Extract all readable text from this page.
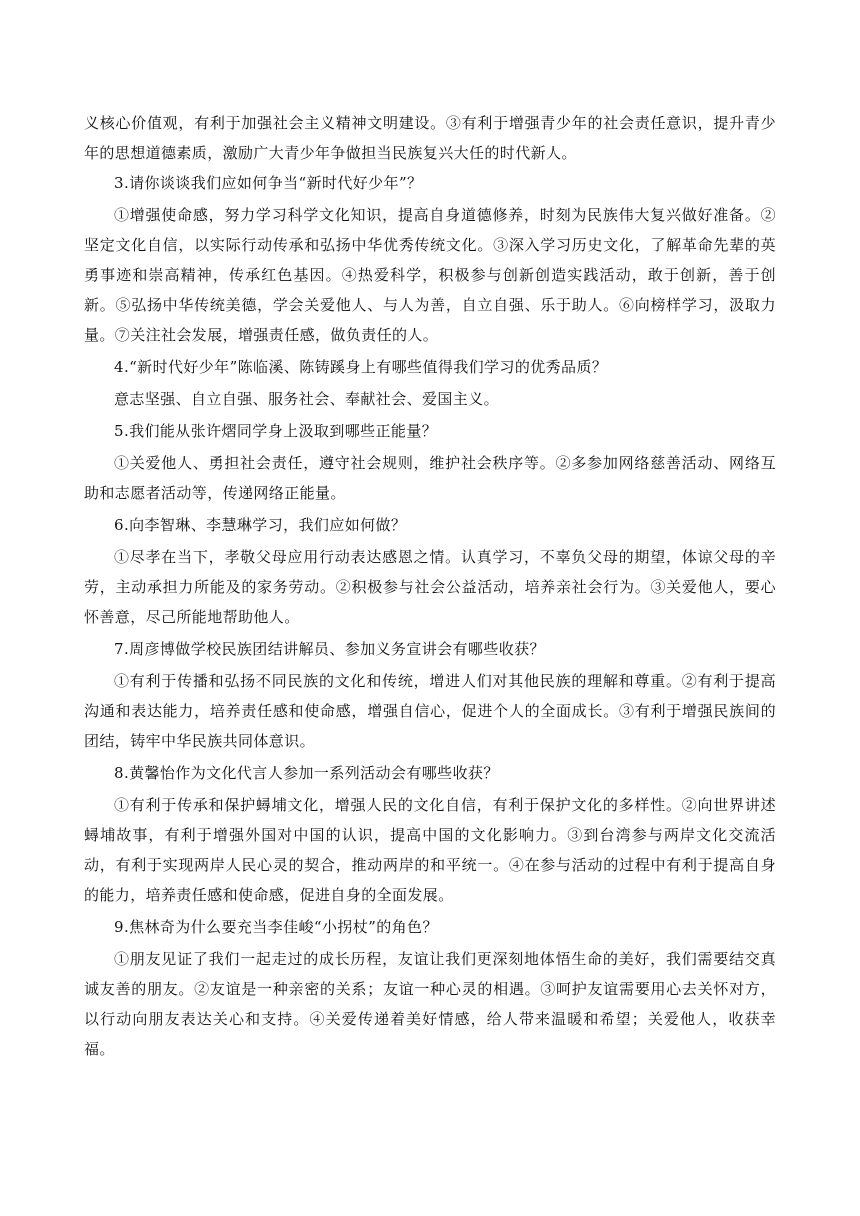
义核心价值观，有利于加强社会主义精神文明建设。③有利于增强青少年的社会责任意识，提升青少年的思想道德素质，激励广大青少年争做担当民族复兴大任的时代新人。

3.请你谈谈我们应如何争当“新时代好少年”？

①增强使命感，努力学习科学文化知识，提高自身道德修养，时刻为民族伟大复兴做好准备。②坚定文化自信，以实际行动传承和弘扬中华优秀传统文化。③深入学习历史文化，了解革命先辈的英勇事迹和崇高精神，传承红色基因。④热爱科学，积极参与创新创造实践活动，敢于创新，善于创新。⑤弘扬中华传统美德，学会关爱他人、与人为善，自立自强、乐于助人。⑥向榜样学习，汲取力量。⑦关注社会发展，增强责任感，做负责任的人。

4.“新时代好少年”陈临溪、陈铸蹊身上有哪些值得我们学习的优秀品质？

意志坚强、自立自强、服务社会、奉献社会、爱国主义。

5.我们能从张许熠同学身上汲取到哪些正能量？

①关爱他人、勇担社会责任，遵守社会规则，维护社会秩序等。②多参加网络慈善活动、网络互助和志愿者活动等，传递网络正能量。

6.向李智琳、李慧琳学习，我们应如何做？

①尽孝在当下，孝敬父母应用行动表达感恩之情。认真学习，不辜负父母的期望，体谅父母的辛劳，主动承担力所能及的家务劳动。②积极参与社会公益活动，培养亲社会行为。③关爱他人，要心怀善意，尽己所能地帮助他人。

7.周彦博做学校民族团结讲解员、参加义务宣讲会有哪些收获？

①有利于传播和弘扬不同民族的文化和传统，增进人们对其他民族的理解和尊重。②有利于提高沟通和表达能力，培养责任感和使命感，增强自信心，促进个人的全面成长。③有利于增强民族间的团结，铸牢中华民族共同体意识。

8.黄馨怡作为文化代言人参加一系列活动会有哪些收获？

①有利于传承和保护蟳埔文化，增强人民的文化自信，有利于保护文化的多样性。②向世界讲述蟳埔故事，有利于增强外国对中国的认识，提高中国的文化影响力。③到台湾参与两岸文化交流活动，有利于实现两岸人民心灵的契合，推动两岸的和平统一。④在参与活动的过程中有利于提高自身的能力，培养责任感和使命感，促进自身的全面发展。

9.焦林奇为什么要充当李佳峻“小拐杖”的角色？

①朋友见证了我们一起走过的成长历程，友谊让我们更深刻地体悟生命的美好，我们需要结交真诚友善的朋友。②友谊是一种亲密的关系；友谊一种心灵的相遇。③呵护友谊需要用心去关怀对方，以行动向朋友表达关心和支持。④关爱传递着美好情感，给人带来温暖和希望；关爱他人，收获幸福。
